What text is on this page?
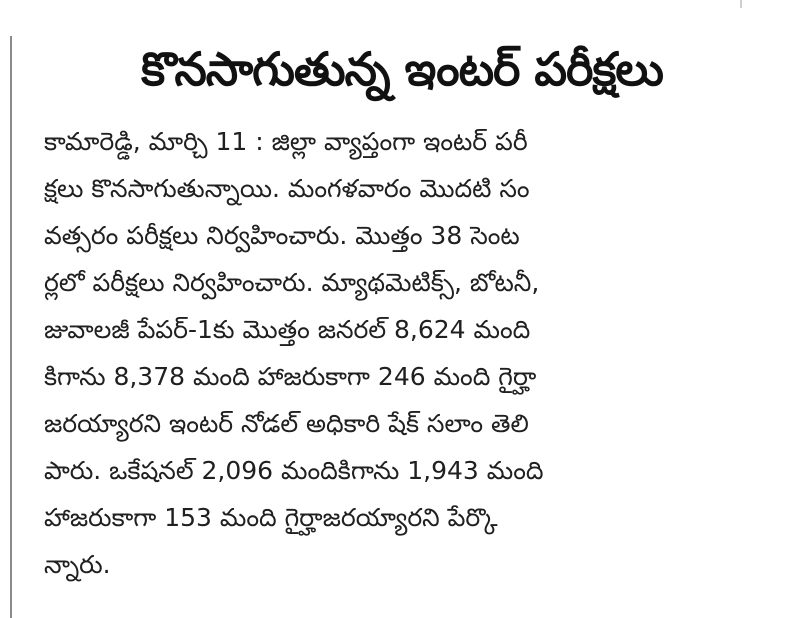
కొనసాగుతున్న ఇంటర్ పరీక్షలు
కామారెడ్డి, మార్చి 11 : జిల్లా వ్యాప్తంగా ఇంటర్ పరీ
క్షలు కొనసాగుతున్నాయి. మంగళవారం మొదటి సం
వత్సరం పరీక్షలు నిర్వహించారు. మొత్తం 38 సెంట
ర్లలో పరీక్షలు నిర్వహించారు. మ్యాథమెటిక్స్, బోటనీ,
జువాలజీ పేపర్-1కు మొత్తం జనరల్ 8,624 మంది
కిగాను 8,378 మంది హాజరుకాగా 246 మంది గైర్హా
జరయ్యారని ఇంటర్ నోడల్ అధికారి షేక్ సలాం తెలి
పారు. ఒకేషనల్ 2,096 మందికిగాను 1,943 మంది
హాజరుకాగా 153 మంది గైర్హాజరయ్యారని పేర్కొ
న్నారు.
